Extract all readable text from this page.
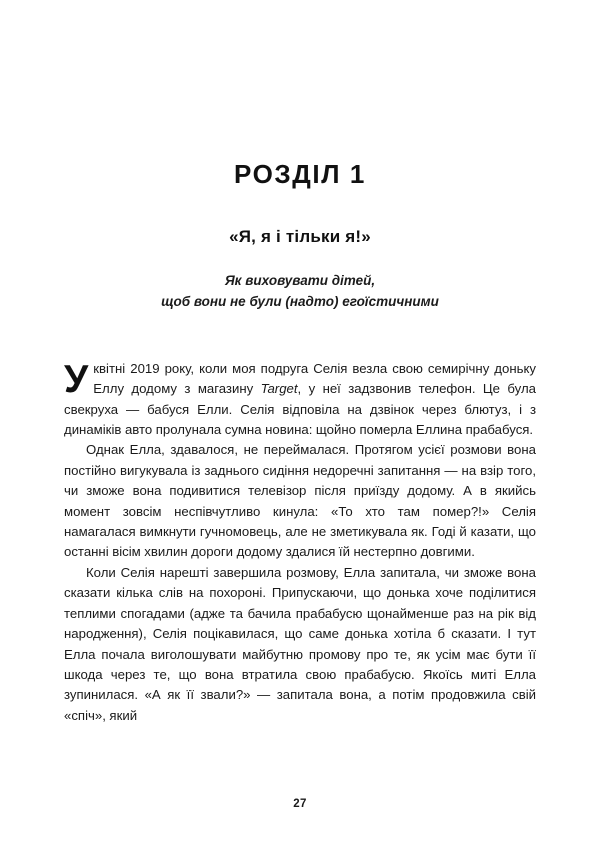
РОЗДІЛ 1
«Я, я і тільки я!»
Як виховувати дітей,
щоб вони не були (надто) егоїстичними

Уквітні 2019 року, коли моя подруга Селія везла свою семирічну доньку Еллу додому з магазину Target, у неї задзвонив телефон. Це була свекруха — бабуся Елли. Селія відповіла на дзвінок через блютуз, і з динаміків авто пролунала сумна новина: щойно померла Еллина прабабуся.

Однак Елла, здавалося, не переймалася. Протягом усієї розмови вона постійно вигукувала із заднього сидіння недоречні запитання — на взір того, чи зможе вона подивитися телевізор після приїзду додому. А в якийсь момент зовсім неспівчутливо кинула: «То хто там помер?!» Селія намагалася вимкнути гучномовець, але не зметикувала як. Годі й казати, що останні вісім хвилин дороги додому здалися їй нестерпно довгими.

Коли Селія нарешті завершила розмову, Елла запитала, чи зможе вона сказати кілька слів на похороні. Припускаючи, що донька хоче поділитися теплими спогадами (адже та бачила прабабусю щонайменше раз на рік від народження), Селія поцікавилася, що саме донька хотіла б сказати. І тут Елла почала виголошувати майбутню промову про те, як усім має бути її шкода через те, що вона втратила свою прабабусю. Якоїсь миті Елла зупинилася. «А як її звали?» — запитала вона, а потім продовжила свій «спіч», який

27
